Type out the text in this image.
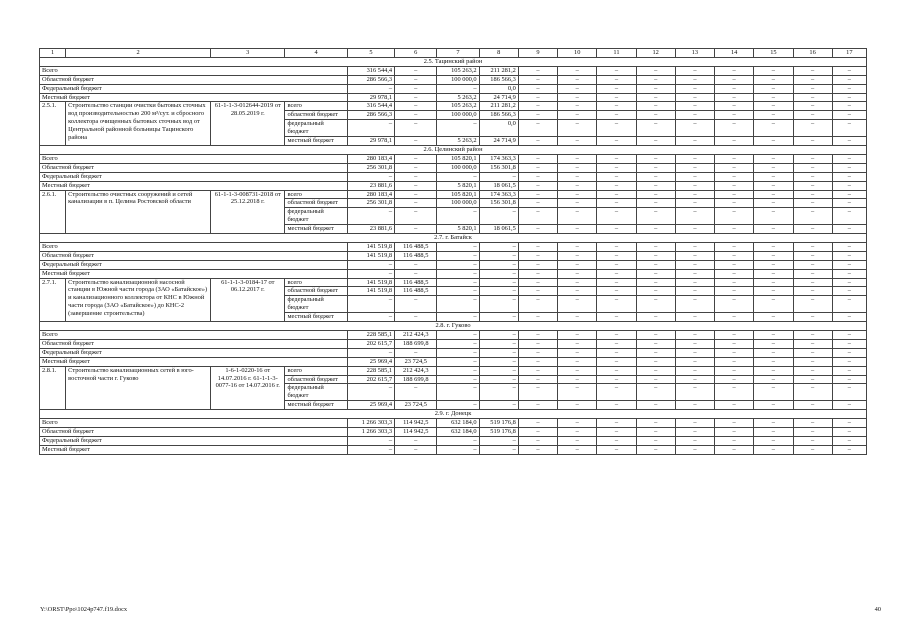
1	2	3	4	5	6	7	8	9	10	11	12	13	14	15	16	17
2.5. Тацинский район																
Всего				316 544,4	–	105 263,2	211 281,2	–	–	–	–	–	–	–	–	–
Областной бюджет				286 566,3	–	100 000,0	186 566,3	–	–	–	–	–	–	–	–	–
Федеральный бюджет				–	–	–	0,0	–	–	–	–	–	–	–	–	–
Местный бюджет				29 978,1	–	5 263,2	24 714,9	–	–	–	–	–	–	–	–	–
2.5.1.	Строительство станции очистки бытовых сточных вод производительностью 200 м³/сут. и сбросного коллектора очищенных бытовых сточных вод от Центральной районной больницы Тацинского района	61-1-1-3-012644-2019 от 28.05.2019 г.	всего	316 544,4	–	105 263,2	211 281,2	–	–	–	–	–	–	–	–	–
			областной бюджет	286 566,3	–	100 000,0	186 566,3	–	–	–	–	–	–	–	–	–
			федеральный бюджет	–	–	–	0,0	–	–	–	–	–	–	–	–	–
			местный бюджет	29 978,1	–	5 263,2	24 714,9	–	–	–	–	–	–	–	–	–
2.6. Целинский район																
Всего				280 183,4	–	105 820,1	174 363,3	–	–	–	–	–	–	–	–	–
Областной бюджет				256 301,8	–	100 000,0	156 301,8	–	–	–	–	–	–	–	–	–
Федеральный бюджет				–	–	–	–	–	–	–	–	–	–	–	–	–
Местный бюджет				23 881,6	–	5 820,1	18 061,5	–	–	–	–	–	–	–	–	–
2.6.1.	Строительство очистных сооружений и сетей канализации в п. Целина Ростовской области	61-1-1-3-008731-2018 от 25.12.2018 г.	всего	280 183,4	–	105 820,1	174 363,3	–	–	–	–	–	–	–	–	–
			областной бюджет	256 301,8	–	100 000,0	156 301,8	–	–	–	–	–	–	–	–	–
			федеральный бюджет	–	–	–	–	–	–	–	–	–	–	–	–	–
			местный бюджет	23 881,6	–	5 820,1	18 061,5	–	–	–	–	–	–	–	–	–
2.7. г. Батайск																
Всего				141 519,8	116 488,5	–	–	–	–	–	–	–	–	–	–	–
Областной бюджет				141 519,8	116 488,5	–	–	–	–	–	–	–	–	–	–	–
Федеральный бюджет				–	–	–	–	–	–	–	–	–	–	–	–	–
Местный бюджет				–	–	–	–	–	–	–	–	–	–	–	–	–
2.7.1.	Строительство канализационной насосной станции в Южной части города (ЗАО «Батайское») и канализационного коллектора от КНС в Южной части города (ЗАО «Батайское») до КНС-2 (завершение строительства)	61-1-1-3-0184-17 от 06.12.2017 г.	всего	141 519,8	116 488,5	–	–	–	–	–	–	–	–	–	–	–
			областной бюджет	141 519,8	116 488,5	–	–	–	–	–	–	–	–	–	–	–
			федеральный бюджет	–	–	–	–	–	–	–	–	–	–	–	–	–
			местный бюджет	–	–	–	–	–	–	–	–	–	–	–	–	–
2.8. г. Гуково																
Всего				228 585,1	212 424,3	–	–	–	–	–	–	–	–	–	–	–
Областной бюджет				202 615,7	188 699,8	–	–	–	–	–	–	–	–	–	–	–
Федеральный бюджет				–	–	–	–	–	–	–	–	–	–	–	–	–
Местный бюджет				25 969,4	23 724,5	–	–	–	–	–	–	–	–	–	–	–
2.8.1.	Строительство канализационных сетей в юго-восточной части г. Гуково	1-6-1-0220-16 от 14.07.2016 г. 61-1-1-3-0077-16 от 14.07.2016 г.	всего	228 585,1	212 424,3	–	–	–	–	–	–	–	–	–	–	–
			областной бюджет	202 615,7	188 699,8	–	–	–	–	–	–	–	–	–	–	–
			федеральный бюджет	–	–	–	–	–	–	–	–	–	–	–	–	–
			местный бюджет	25 969,4	23 724,5	–	–	–	–	–	–	–	–	–	–	–
2.9. г. Донецк																
Всего				1 266 303,3	114 942,5	632 184,0	519 176,8	–	–	–	–	–	–	–	–	–
Областной бюджет				1 266 303,3	114 942,5	632 184,0	519 176,8	–	–	–	–	–	–	–	–	–
Федеральный бюджет				–	–	–	–	–	–	–	–	–	–	–	–	–
Местный бюджет				–	–	–	–	–	–	–	–	–	–	–	–	–
Y:\ORST\Ppo\1024p747.f19.docx	40
